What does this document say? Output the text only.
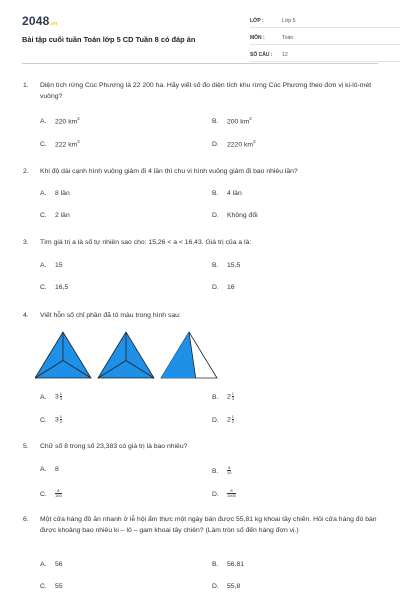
2048.vn
Bài tập cuối tuần Toán lớp 5 CD Tuần 8 có đáp án
LỚP :	Lớp 5
MÔN :	Toán
SỐ CÂU :	12
1.	Diện tích rừng Cúc Phương là 22 200 ha. Hãy viết số đo diện tích khu rừng Cúc Phương theo đơn vị ki-lô-mét vuông?
A. 220 $km^2$	B. 200 $km^2$
C. 222 $km^2$	D. 2220 $km^2$
2.	Khi độ dài cạnh hình vuông giảm đi 4 lần thì chu vi hình vuông giảm đi bao nhiêu lần?
A. 8 lần	B. 4 lần
C. 2 lần	D. Không đổi
3.	Tìm giá trị a là số tự nhiên sao cho: 15,26 < a < 16,43. Giá trị của a là:
A. 15	B. 15,5
C. 16,5	D. 16
4.	Viết hỗn số chỉ phần đã tô màu trong hình sau:
A. $3\frac{1}{3}$	B. $2\frac{1}{3}$
C. $3\frac{1}{2}$	D. $2\frac{1}{2}$
5.	Chữ số 8 trong số 23,383 có giá trị là bao nhiêu?
A. 8	B. $\frac{8}{10}$
C. $\frac{8}{100}$	D. $\frac{8}{1000}$
6.	Một cửa hàng đồ ăn nhanh ở lễ hội ẩm thực một ngày bán được 55,81 kg khoai tây chiên. Hỏi cửa hàng đó bán được khoảng bao nhiêu ki – lô – gam khoai tây chiên? (Làm tròn số đến hàng đơn vị.)
A. 56	B. 56,81
C. 55	D. 55,8
